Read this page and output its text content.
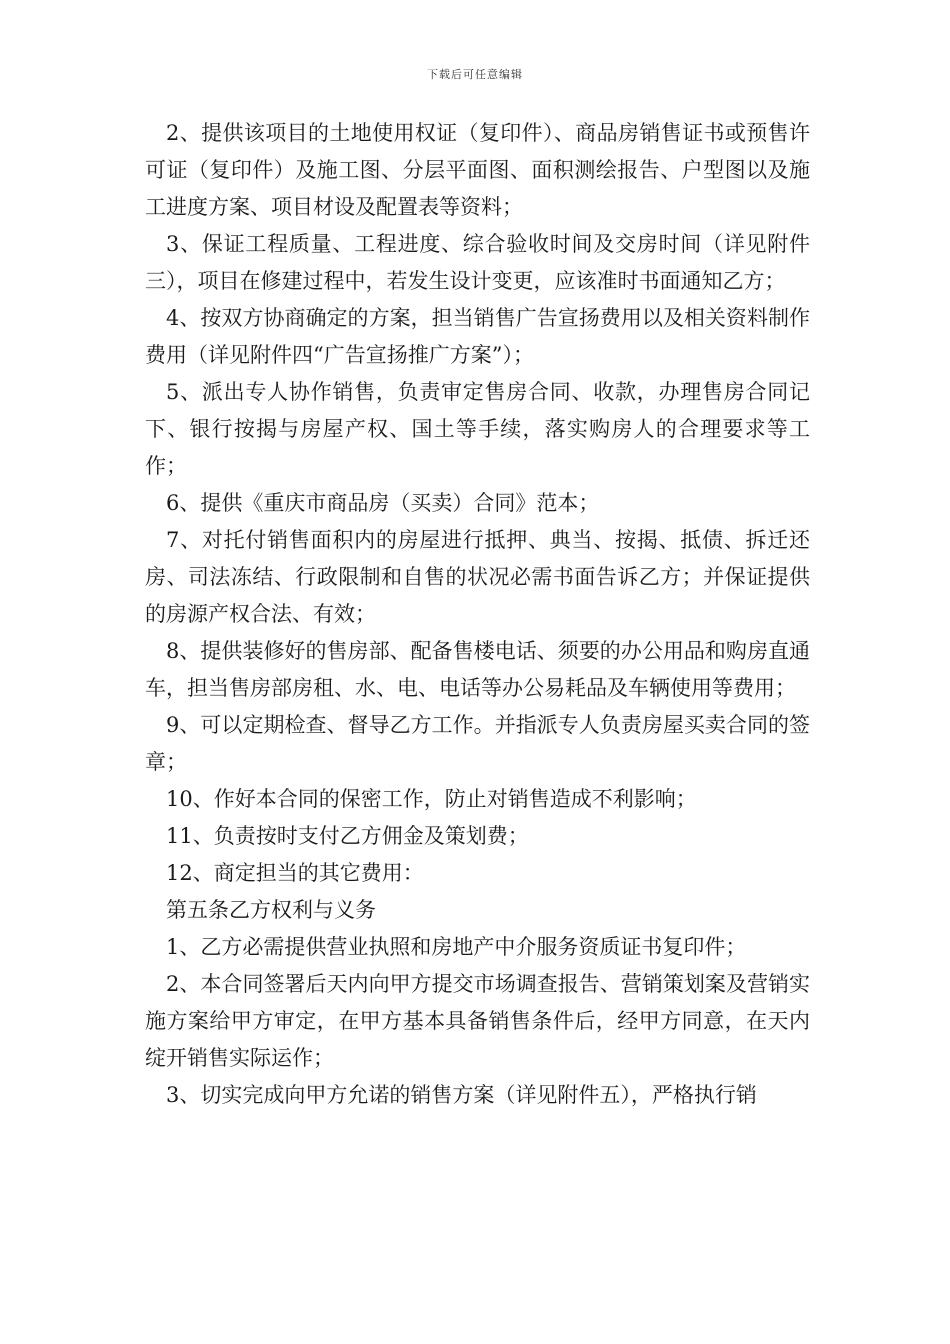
下载后可任意编辑

2、提供该项目的土地使用权证（复印件）、商品房销售证书或预售许可证（复印件）及施工图、分层平面图、面积测绘报告、户型图以及施工进度方案、项目材设及配置表等资料；

3、保证工程质量、工程进度、综合验收时间及交房时间（详见附件三），项目在修建过程中，若发生设计变更，应该准时书面通知乙方；

4、按双方协商确定的方案，担当销售广告宣扬费用以及相关资料制作费用（详见附件四“广告宣扬推广方案”）；

5、派出专人协作销售，负责审定售房合同、收款，办理售房合同记下、银行按揭与房屋产权、国土等手续，落实购房人的合理要求等工作；

6、提供《重庆市商品房（买卖）合同》范本；

7、对托付销售面积内的房屋进行抵押、典当、按揭、抵债、拆迁还房、司法冻结、行政限制和自售的状况必需书面告诉乙方；并保证提供的房源产权合法、有效；

8、提供装修好的售房部、配备售楼电话、须要的办公用品和购房直通车，担当售房部房租、水、电、电话等办公易耗品及车辆使用等费用；

9、可以定期检查、督导乙方工作。并指派专人负责房屋买卖合同的签章；

10、作好本合同的保密工作，防止对销售造成不利影响；

11、负责按时支付乙方佣金及策划费；

12、商定担当的其它费用：

第五条乙方权利与义务

1、乙方必需提供营业执照和房地产中介服务资质证书复印件；

2、本合同签署后天内向甲方提交市场调查报告、营销策划案及营销实施方案给甲方审定，在甲方基本具备销售条件后，经甲方同意，在天内绽开销售实际运作；

3、切实完成向甲方允诺的销售方案（详见附件五），严格执行销
